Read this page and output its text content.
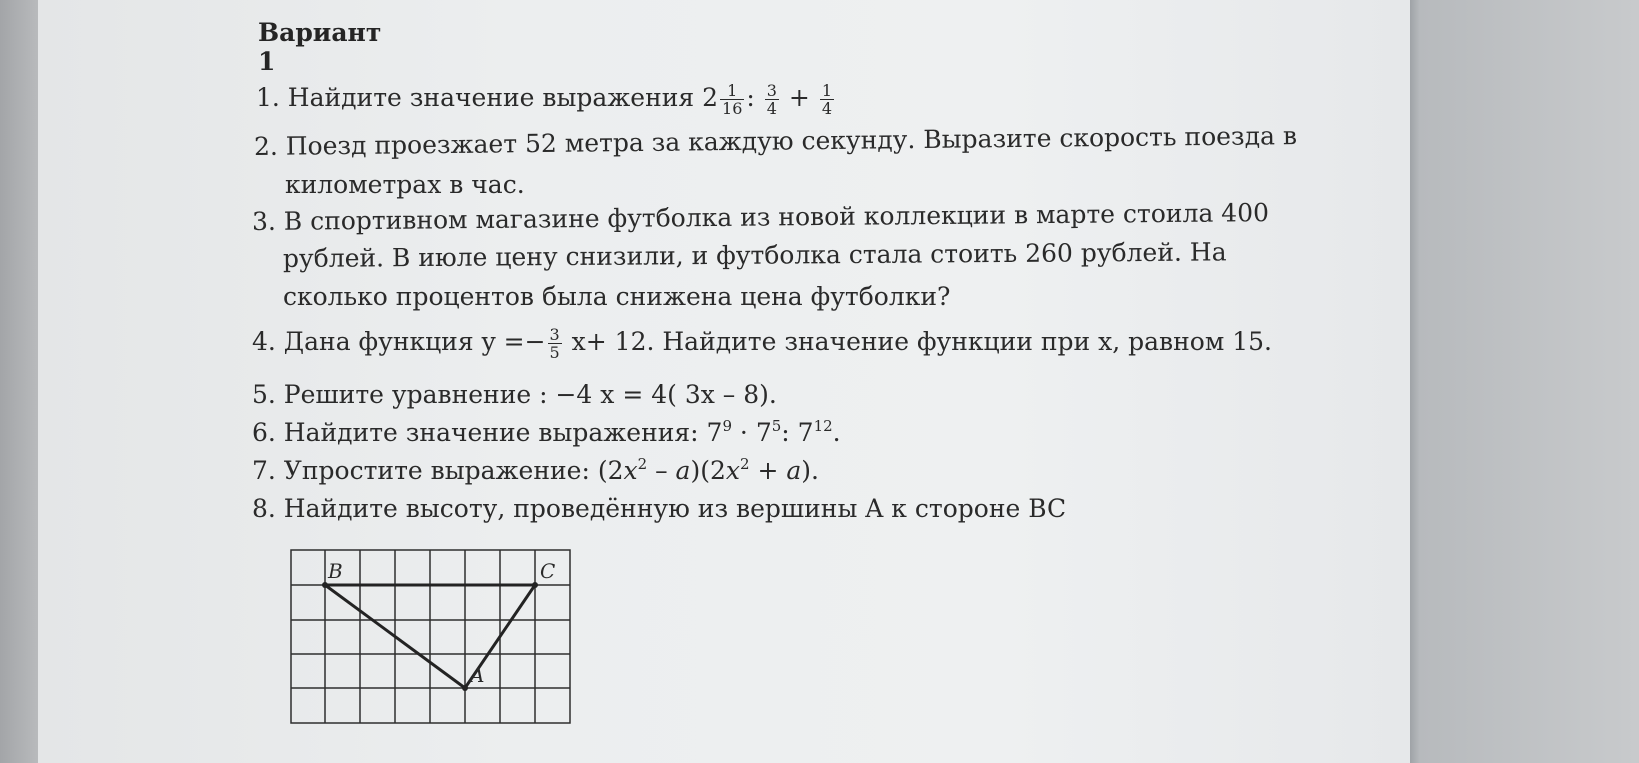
Вариант 1
1. Найдите значение выражения $2 \frac{1}{16}$ : $\frac{3}{4} + \frac{1}{4}$
2. Поезд проезжает 52 метра за каждую секунду. Выразите скорость поезда в
километрах в час.
3. В спортивном магазине футболка из новой коллекции в марте стоила 400
рублей. В июле цену снизили, и футболка стала стоить 260 рублей. На
сколько процентов была снижена цена футболки?
4. Дана функция $y =- \frac{3}{5} x+ 12$. Найдите значение функции при x, равном 15.
5. Решите уравнение : −4 x = 4( 3x – 8).
6. Найдите значение выражения: $7^9 \cdot 7^5$: $7^{12}$.
7. Упростите выражение: $(2x^2 - a)(2x^2 + a)$.
8. Найдите высоту, проведённую из вершины A к стороне BC
B	C
A
